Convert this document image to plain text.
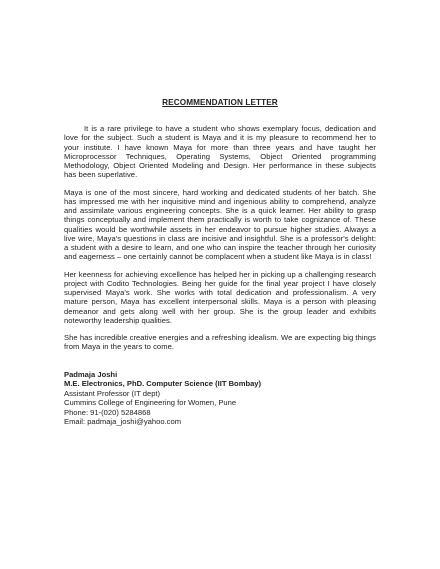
RECOMMENDATION LETTER

It is a rare privilege to have a student who shows exemplary focus, dedication and love for the subject. Such a student is Maya and it is my pleasure to recommend her to your institute. I have known Maya for more than three years and have taught her Microprocessor Techniques, Operating Systems, Object Oriented programming Methodology, Object Oriented Modeling and Design. Her performance in these subjects has been superlative.

Maya is one of the most sincere, hard working and dedicated students of her batch. She has impressed me with her inquisitive mind and ingenious ability to comprehend, analyze and assimilate various engineering concepts. She is a quick learner. Her ability to grasp things conceptually and implement them practically is worth to take cognizance of. These qualities would be worthwhile assets in her endeavor to pursue higher studies. Always a live wire, Maya's questions in class are incisive and insightful. She is a professor's delight: a student with a desire to learn, and one who can inspire the teacher through her curiosity and eagerness – one certainly cannot be complacent when a student like Maya is in class!

Her keenness for achieving excellence has helped her in picking up a challenging research project with Codito Technologies. Being her guide for the final year project I have closely supervised Maya's work. She works with total dedication and professionalism. A very mature person, Maya has excellent interpersonal skills. Maya is a person with pleasing demeanor and gets along well with her group. She is the group leader and exhibits noteworthy leadership qualities.

She has incredible creative energies and a refreshing idealism. We are expecting big things from Maya in the years to come.

Padmaja Joshi
M.E. Electronics, PhD. Computer Science (IIT Bombay)
Assistant Professor (IT dept)
Cummins College of Engineering for Women, Pune
Phone: 91-(020) 5284868
Email: padmaja_joshi@yahoo.com
